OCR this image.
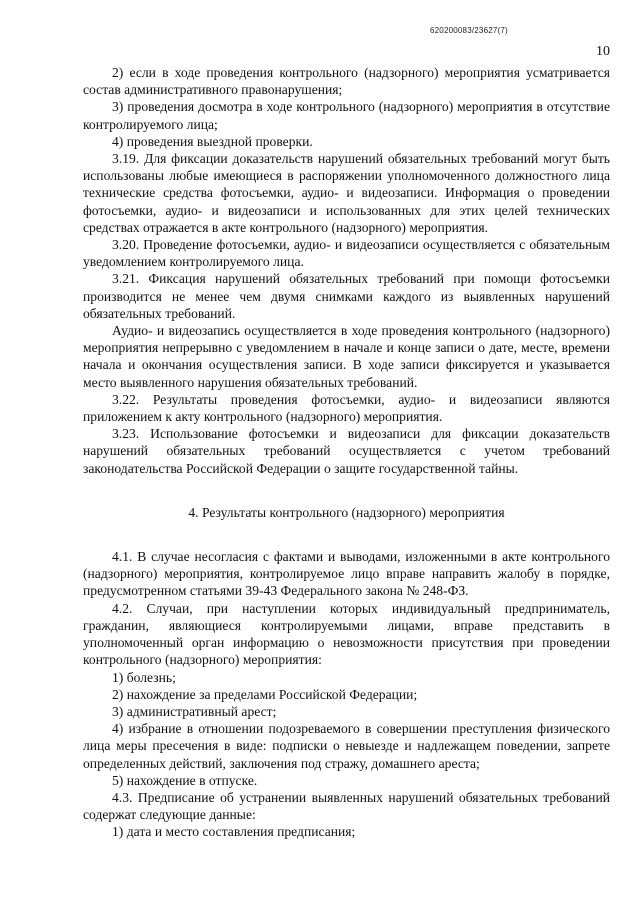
620200083/23627(7)
10

2) если в ходе проведения контрольного (надзорного) мероприятия усматривается состав административного правонарушения;

3) проведения досмотра в ходе контрольного (надзорного) мероприятия в отсутствие контролируемого лица;

4) проведения выездной проверки.

3.19. Для фиксации доказательств нарушений обязательных требований могут быть использованы любые имеющиеся в распоряжении уполномоченного должностного лица технические средства фотосъемки, аудио- и видеозаписи. Информация о проведении фотосъемки, аудио- и видеозаписи и использованных для этих целей технических средствах отражается в акте контрольного (надзорного) мероприятия.

3.20. Проведение фотосъемки, аудио- и видеозаписи осуществляется с обязательным уведомлением контролируемого лица.

3.21. Фиксация нарушений обязательных требований при помощи фотосъемки производится не менее чем двумя снимками каждого из выявленных нарушений обязательных требований.

Аудио- и видеозапись осуществляется в ходе проведения контрольного (надзорного) мероприятия непрерывно с уведомлением в начале и конце записи о дате, месте, времени начала и окончания осуществления записи. В ходе записи фиксируется и указывается место выявленного нарушения обязательных требований.

3.22. Результаты проведения фотосъемки, аудио- и видеозаписи являются приложением к акту контрольного (надзорного) мероприятия.

3.23. Использование фотосъемки и видеозаписи для фиксации доказательств нарушений обязательных требований осуществляется с учетом требований законодательства Российской Федерации о защите государственной тайны.

4. Результаты контрольного (надзорного) мероприятия

4.1. В случае несогласия с фактами и выводами, изложенными в акте контрольного (надзорного) мероприятия, контролируемое лицо вправе направить жалобу в порядке, предусмотренном статьями 39-43 Федерального закона № 248-ФЗ.

4.2. Случаи, при наступлении которых индивидуальный предприниматель, гражданин, являющиеся контролируемыми лицами, вправе представить в уполномоченный орган информацию о невозможности присутствия при проведении контрольного (надзорного) мероприятия:

1) болезнь;

2) нахождение за пределами Российской Федерации;

3) административный арест;

4) избрание в отношении подозреваемого в совершении преступления физического лица меры пресечения в виде: подписки о невыезде и надлежащем поведении, запрете определенных действий, заключения под стражу, домашнего ареста;

5) нахождение в отпуске.

4.3. Предписание об устранении выявленных нарушений обязательных требований содержат следующие данные:

1) дата и место составления предписания;
